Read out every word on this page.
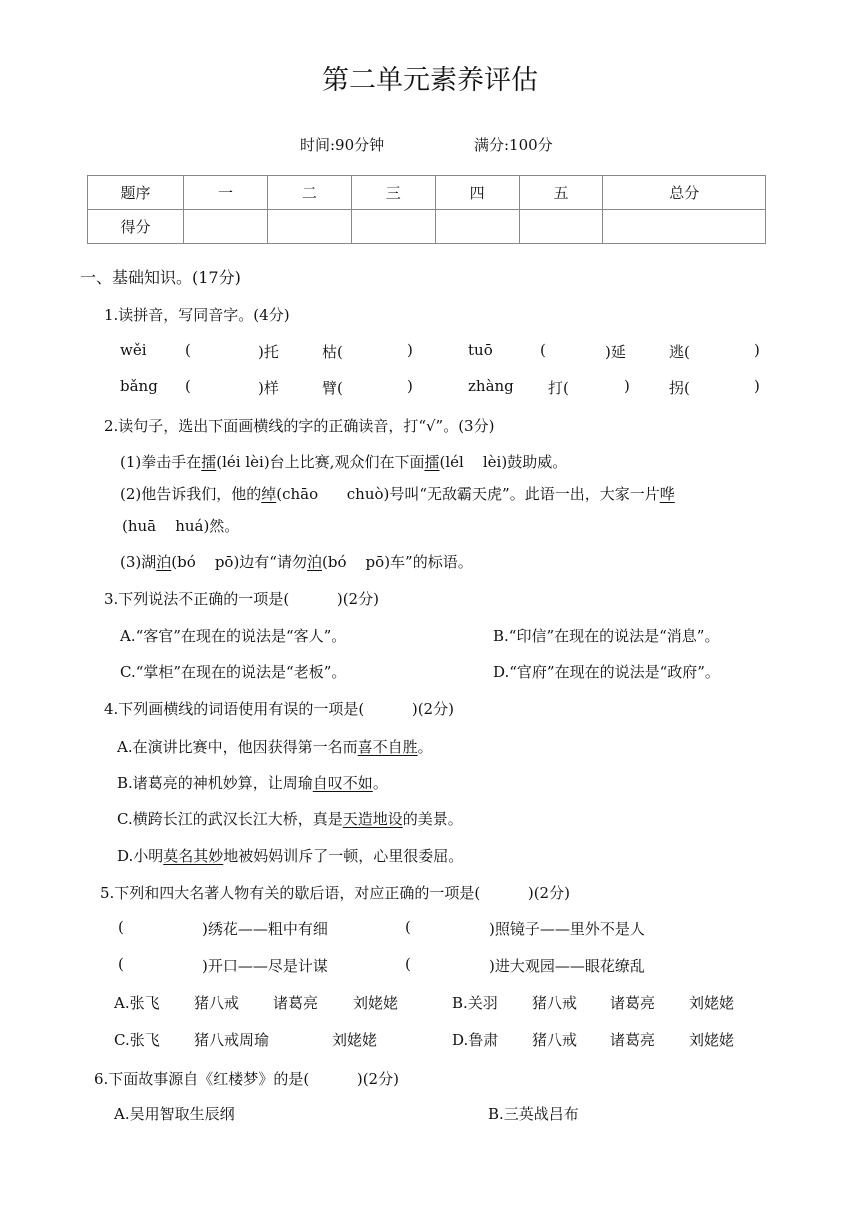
第二单元素养评估
时间:90分钟	满分:100分
题序	一	二	三	四	五	总分
得分						
一、基础知识。(17分)
1.读拼音，写同音字。(4分)
wěi	(	)托	枯(	)	tuō	(	)延	逃(	)
bǎng (	)样	臂(	)	zhàng 打(	)	拐(	)
2.读句子，选出下面画横线的字的正确读音，打“√”。(3分)
(1)拳击手在擂(léi lèi)台上比赛,观众们在下面擂(lél    lèi)鼓助威。
(2)他告诉我们，他的绰(chāo      chuò)号叫“无敌霸天虎”。此语一出，大家一片哗
(huā    huá)然。
(3)湖泊(bó    pō)边有“请勿泊(bó    pō)车”的标语。
3.下列说法不正确的一项是(          )(2分)
A.“客官”在现在的说法是“客人”。	B.“印信”在现在的说法是“消息”。
C.“掌柜”在现在的说法是“老板”。	D.“官府”在现在的说法是“政府”。
4.下列画横线的词语使用有误的一项是(          )(2分)
A.在演讲比赛中，他因获得第一名而喜不自胜。
B.诸葛亮的神机妙算，让周瑜自叹不如。
C.横跨长江的武汉长江大桥，真是天造地设的美景。
D.小明莫名其妙地被妈妈训斥了一顿，心里很委屈。
5.下列和四大名著人物有关的歇后语，对应正确的一项是(          )(2分)
(	)绣花——粗中有细	(	)照镜子——里外不是人
(	)开口——尽是计谋	(	)进大观园——眼花缭乱
A.张飞 猪八戒 诸葛亮 刘姥姥	B.关羽 猪八戒 诸葛亮 刘姥姥
C.张飞 猪八戒周瑜	刘姥姥	D.鲁肃 猪八戒 诸葛亮 刘姥姥
6.下面故事源自《红楼梦》的是(          )(2分)
A.吴用智取生辰纲	B.三英战吕布
